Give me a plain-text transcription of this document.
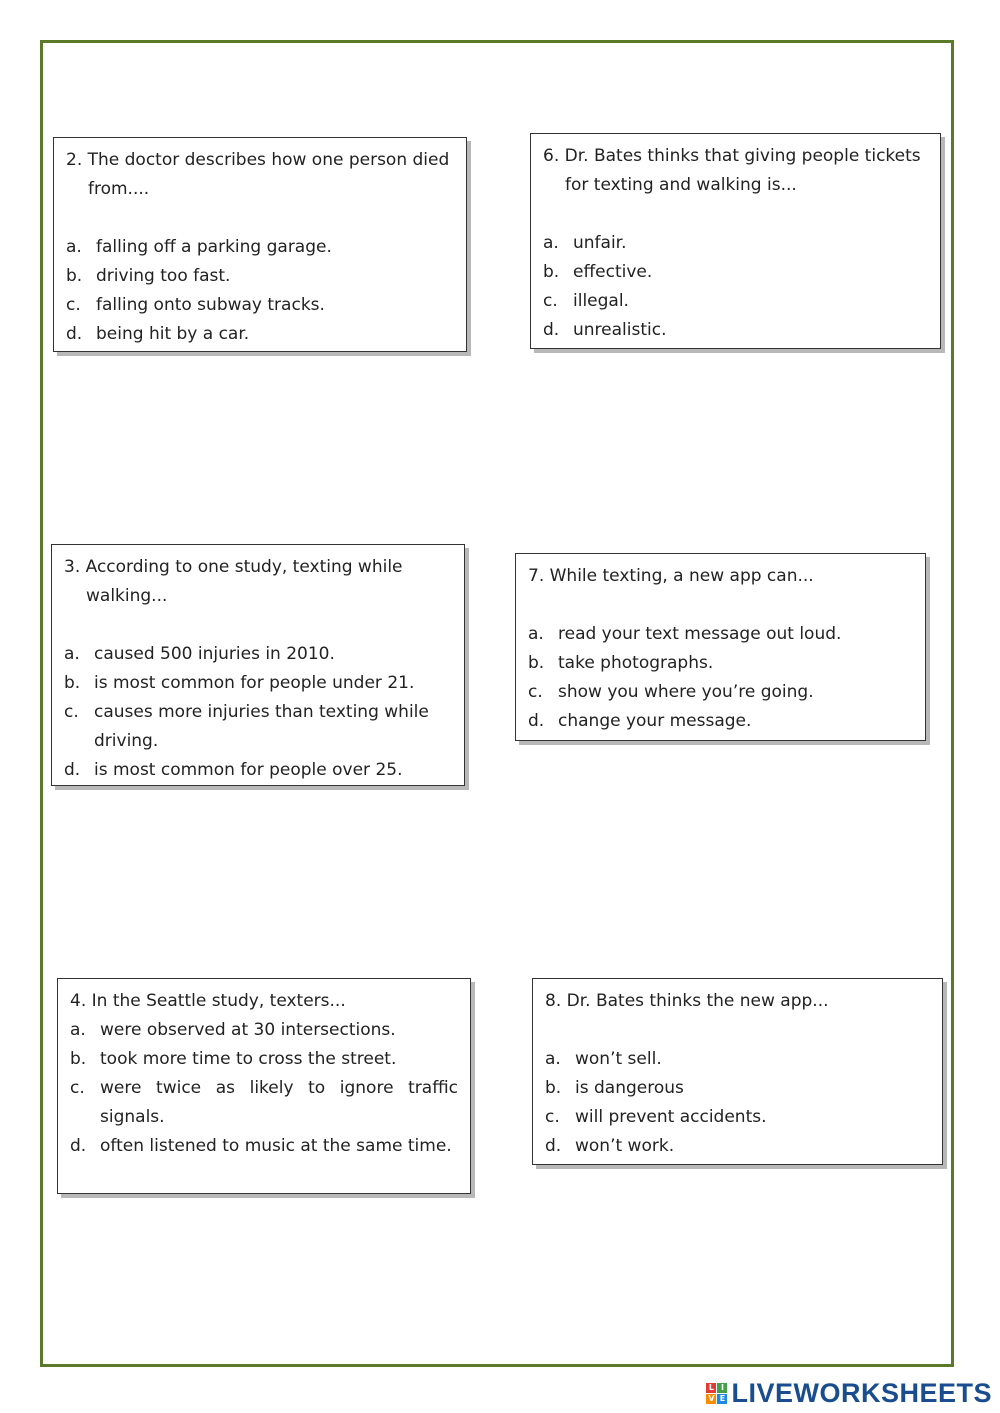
2. The doctor describes how one person died from....

a. falling off a parking garage.
b. driving too fast.
c. falling onto subway tracks.
d. being hit by a car.

6. Dr. Bates thinks that giving people tickets for texting and walking is...

a. unfair.
b. effective.
c. illegal.
d. unrealistic.

3. According to one study, texting while walking...

a. caused 500 injuries in 2010.
b. is most common for people under 21.
c. causes more injuries than texting while driving.
d. is most common for people over 25.

7. While texting, a new app can...

a. read your text message out loud.
b. take photographs.
c. show you where you’re going.
d. change your message.

4. In the Seattle study, texters...

a. were observed at 30 intersections.
b. took more time to cross the street.
c. were twice as likely to ignore traffic signals.
d. often listened to music at the same time.

8. Dr. Bates thinks the new app...

a. won’t sell.
b. is dangerous
c. will prevent accidents.
d. won’t work.
L I
V E LIVEWORKSHEETS
